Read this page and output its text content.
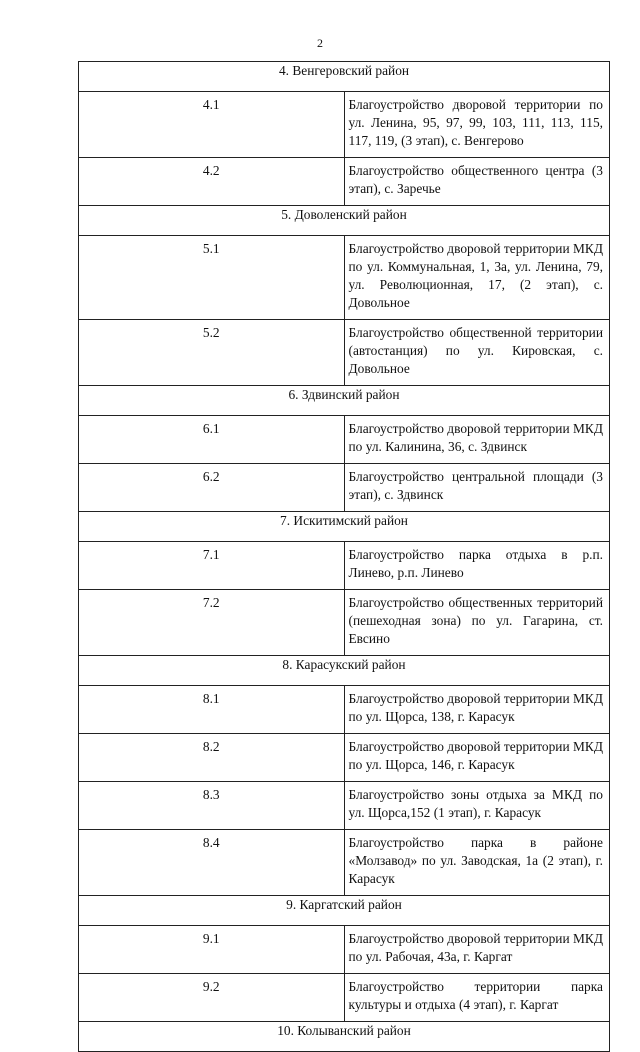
2
4. Венгеровский район	
4.1	Благоустройство дворовой территории по ул. Ленина, 95, 97, 99, 103, 111, 113, 115, 117, 119, (3 этап), с. Венгерово
4.2	Благоустройство общественного центра (3 этап), с. Заречье
5. Доволенский район	
5.1	Благоустройство дворовой территории МКД по ул. Коммунальная, 1, 3а, ул. Ленина, 79, ул. Революционная, 17, (2 этап), с. Довольное
5.2	Благоустройство общественной территории (автостанция) по ул. Кировская, с. Довольное
6. Здвинский район	
6.1	Благоустройство дворовой территории МКД по ул. Калинина, 36, с. Здвинск
6.2	Благоустройство центральной площади (3 этап), с. Здвинск
7. Искитимский район	
7.1	Благоустройство парка отдыха в р.п. Линево, р.п. Линево
7.2	Благоустройство общественных территорий (пешеходная зона) по ул. Гагарина, ст. Евсино
8. Карасукский район	
8.1	Благоустройство дворовой территории МКД по ул. Щорса, 138, г. Карасук
8.2	Благоустройство дворовой территории МКД по ул. Щорса, 146, г. Карасук
8.3	Благоустройство зоны отдыха за МКД по ул. Щорса,152 (1 этап), г. Карасук
8.4	Благоустройство парка в районе «Молзавод» по ул. Заводская, 1а (2 этап), г. Карасук
9. Каргатский район	
9.1	Благоустройство дворовой территории МКД по ул. Рабочая, 43а, г. Каргат
9.2	Благоустройство территории парка культуры и отдыха (4 этап), г. Каргат
10. Колыванский район	
